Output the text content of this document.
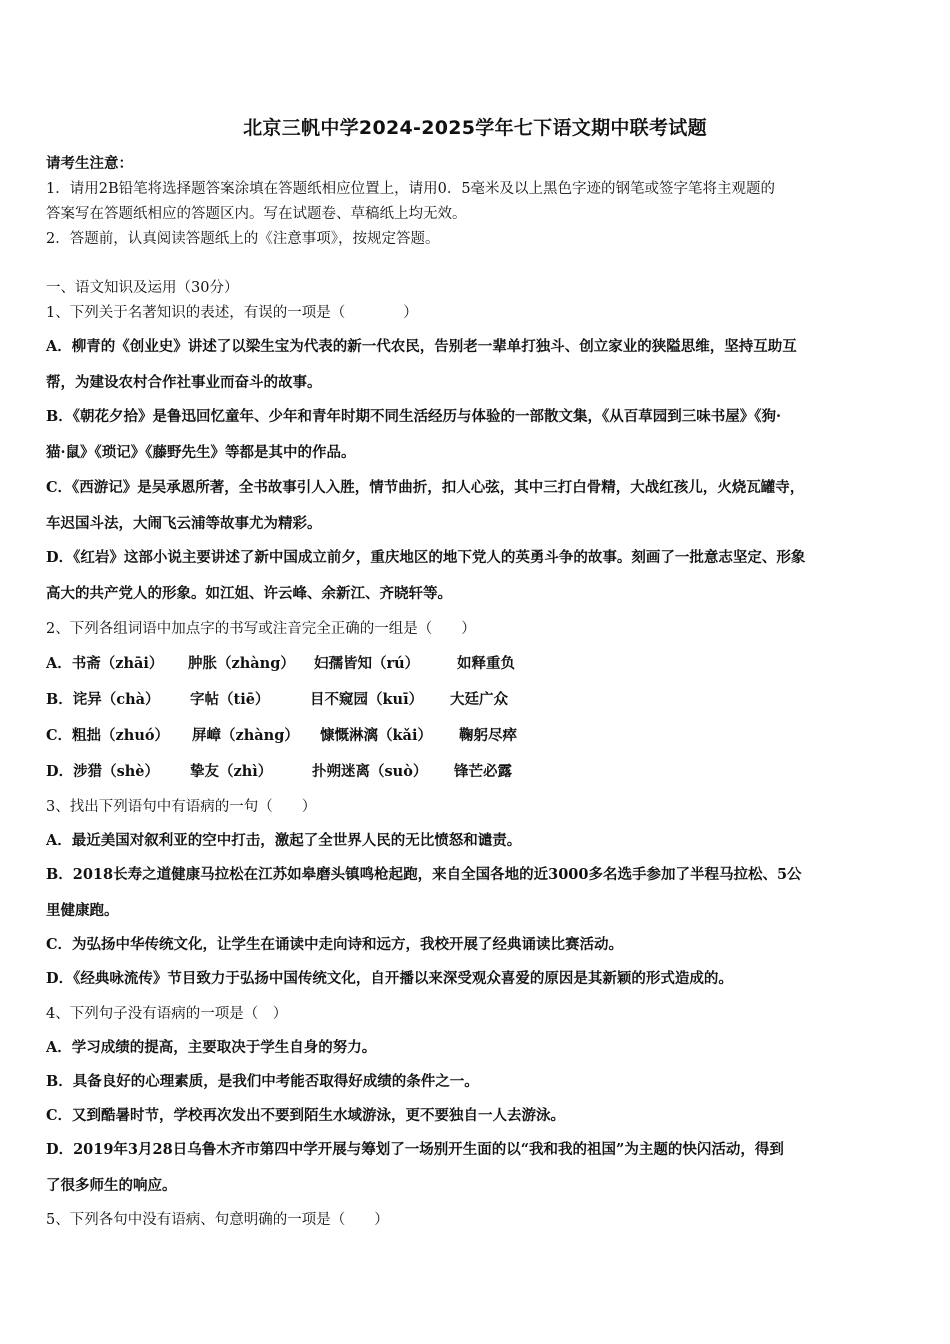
北京三帆中学2024-2025学年七下语文期中联考试题
请考生注意：
1．请用2B铅笔将选择题答案涂填在答题纸相应位置上，请用0．5毫米及以上黑色字迹的钢笔或签字笔将主观题的
答案写在答题纸相应的答题区内。写在试题卷、草稿纸上均无效。
2．答题前，认真阅读答题纸上的《注意事项》，按规定答题。
一、语文知识及运用（30分）
1、下列关于名著知识的表述，有误的一项是（　　　　）
A．柳青的《创业史》讲述了以梁生宝为代表的新一代农民，告别老一辈单打独斗、创立家业的狭隘思维，坚持互助互
帮，为建设农村合作社事业而奋斗的故事。
B．《朝花夕拾》是鲁迅回忆童年、少年和青年时期不同生活经历与体验的一部散文集，《从百草园到三味书屋》《狗·
猫·鼠》《琐记》《藤野先生》等都是其中的作品。
C．《西游记》是吴承恩所著，全书故事引人入胜，情节曲折，扣人心弦，其中三打白骨精，大战红孩儿，火烧瓦罐寺，
车迟国斗法，大闹飞云浦等故事尤为精彩。
D．《红岩》这部小说主要讲述了新中国成立前夕，重庆地区的地下党人的英勇斗争的故事。刻画了一批意志坚定、形象
高大的共产党人的形象。如江姐、许云峰、余新江、齐晓轩等。
2、下列各组词语中加点字的书写或注音完全正确的一组是（　　）
A．书斋（zhāi） 肿胀（zhàng） 妇孺皆知（rú）	如释重负
B．诧异（chà） 字帖（tiē）	目不窥园（kuī） 大廷广众
C．粗拙（zhuó） 屏嶂（zhàng） 慷慨淋漓（kǎi） 鞠躬尽瘁
D．涉猎（shè） 挚友（zhì）	扑朔迷离（suò） 锋芒必露
3、找出下列语句中有语病的一句（　　）
A．最近美国对叙利亚的空中打击，激起了全世界人民的无比愤怒和谴责。
B．2018长寿之道健康马拉松在江苏如皋磨头镇鸣枪起跑，来自全国各地的近3000多名选手参加了半程马拉松、5公
里健康跑。
C．为弘扬中华传统文化，让学生在诵读中走向诗和远方，我校开展了经典诵读比赛活动。
D．《经典咏流传》节目致力于弘扬中国传统文化，自开播以来深受观众喜爱的原因是其新颖的形式造成的。
4、下列句子没有语病的一项是（　）
A．学习成绩的提高，主要取决于学生自身的努力。
B．具备良好的心理素质，是我们中考能否取得好成绩的条件之一。
C．又到酷暑时节，学校再次发出不要到陌生水域游泳，更不要独自一人去游泳。
D．2019年3月28日乌鲁木齐市第四中学开展与筹划了一场别开生面的以“我和我的祖国”为主题的快闪活动，得到
了很多师生的响应。
5、下列各句中没有语病、句意明确的一项是（　　）
